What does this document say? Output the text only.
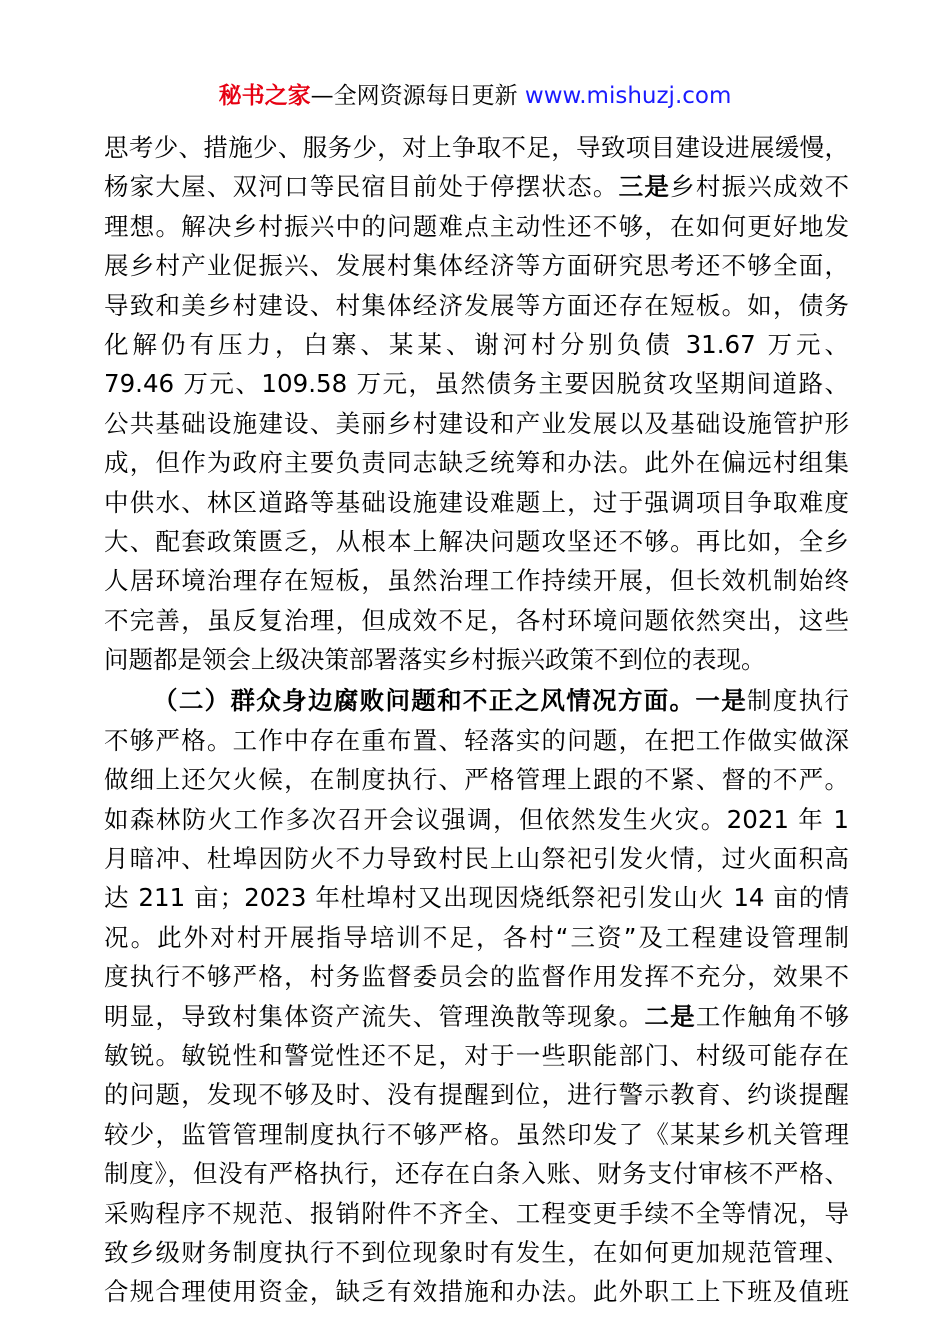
秘书之家—全网资源每日更新 www.mishuzj.com
思考少、措施少、服务少，对上争取不足，导致项目建设进展缓慢，
杨家大屋、双河口等民宿目前处于停摆状态。三是乡村振兴成效不
理想。解决乡村振兴中的问题难点主动性还不够，在如何更好地发
展乡村产业促振兴、发展村集体经济等方面研究思考还不够全面，
导致和美乡村建设、村集体经济发展等方面还存在短板。如，债务
化解仍有压力，白寨、某某、谢河村分别负债 31.67 万元、
79.46 万元、109.58 万元，虽然债务主要因脱贫攻坚期间道路、
公共基础设施建设、美丽乡村建设和产业发展以及基础设施管护形
成，但作为政府主要负责同志缺乏统筹和办法。此外在偏远村组集
中供水、林区道路等基础设施建设难题上，过于强调项目争取难度
大、配套政策匮乏，从根本上解决问题攻坚还不够。再比如，全乡
人居环境治理存在短板，虽然治理工作持续开展，但长效机制始终
不完善，虽反复治理，但成效不足，各村环境问题依然突出，这些
问题都是领会上级决策部署落实乡村振兴政策不到位的表现。
（二）群众身边腐败问题和不正之风情况方面。一是制度执行
不够严格。工作中存在重布置、轻落实的问题，在把工作做实做深
做细上还欠火候，在制度执行、严格管理上跟的不紧、督的不严。
如森林防火工作多次召开会议强调，但依然发生火灾。2021 年 1
月暗冲、杜埠因防火不力导致村民上山祭祀引发火情，过火面积高
达 211 亩；2023 年杜埠村又出现因烧纸祭祀引发山火 14 亩的情
况。此外对村开展指导培训不足，各村“三资”及工程建设管理制
度执行不够严格，村务监督委员会的监督作用发挥不充分，效果不
明显，导致村集体资产流失、管理涣散等现象。二是工作触角不够
敏锐。敏锐性和警觉性还不足，对于一些职能部门、村级可能存在
的问题，发现不够及时、没有提醒到位，进行警示教育、约谈提醒
较少，监管管理制度执行不够严格。虽然印发了《某某乡机关管理
制度》，但没有严格执行，还存在白条入账、财务支付审核不严格、
采购程序不规范、报销附件不齐全、工程变更手续不全等情况，导
致乡级财务制度执行不到位现象时有发生，在如何更加规范管理、
合规合理使用资金，缺乏有效措施和办法。此外职工上下班及值班
